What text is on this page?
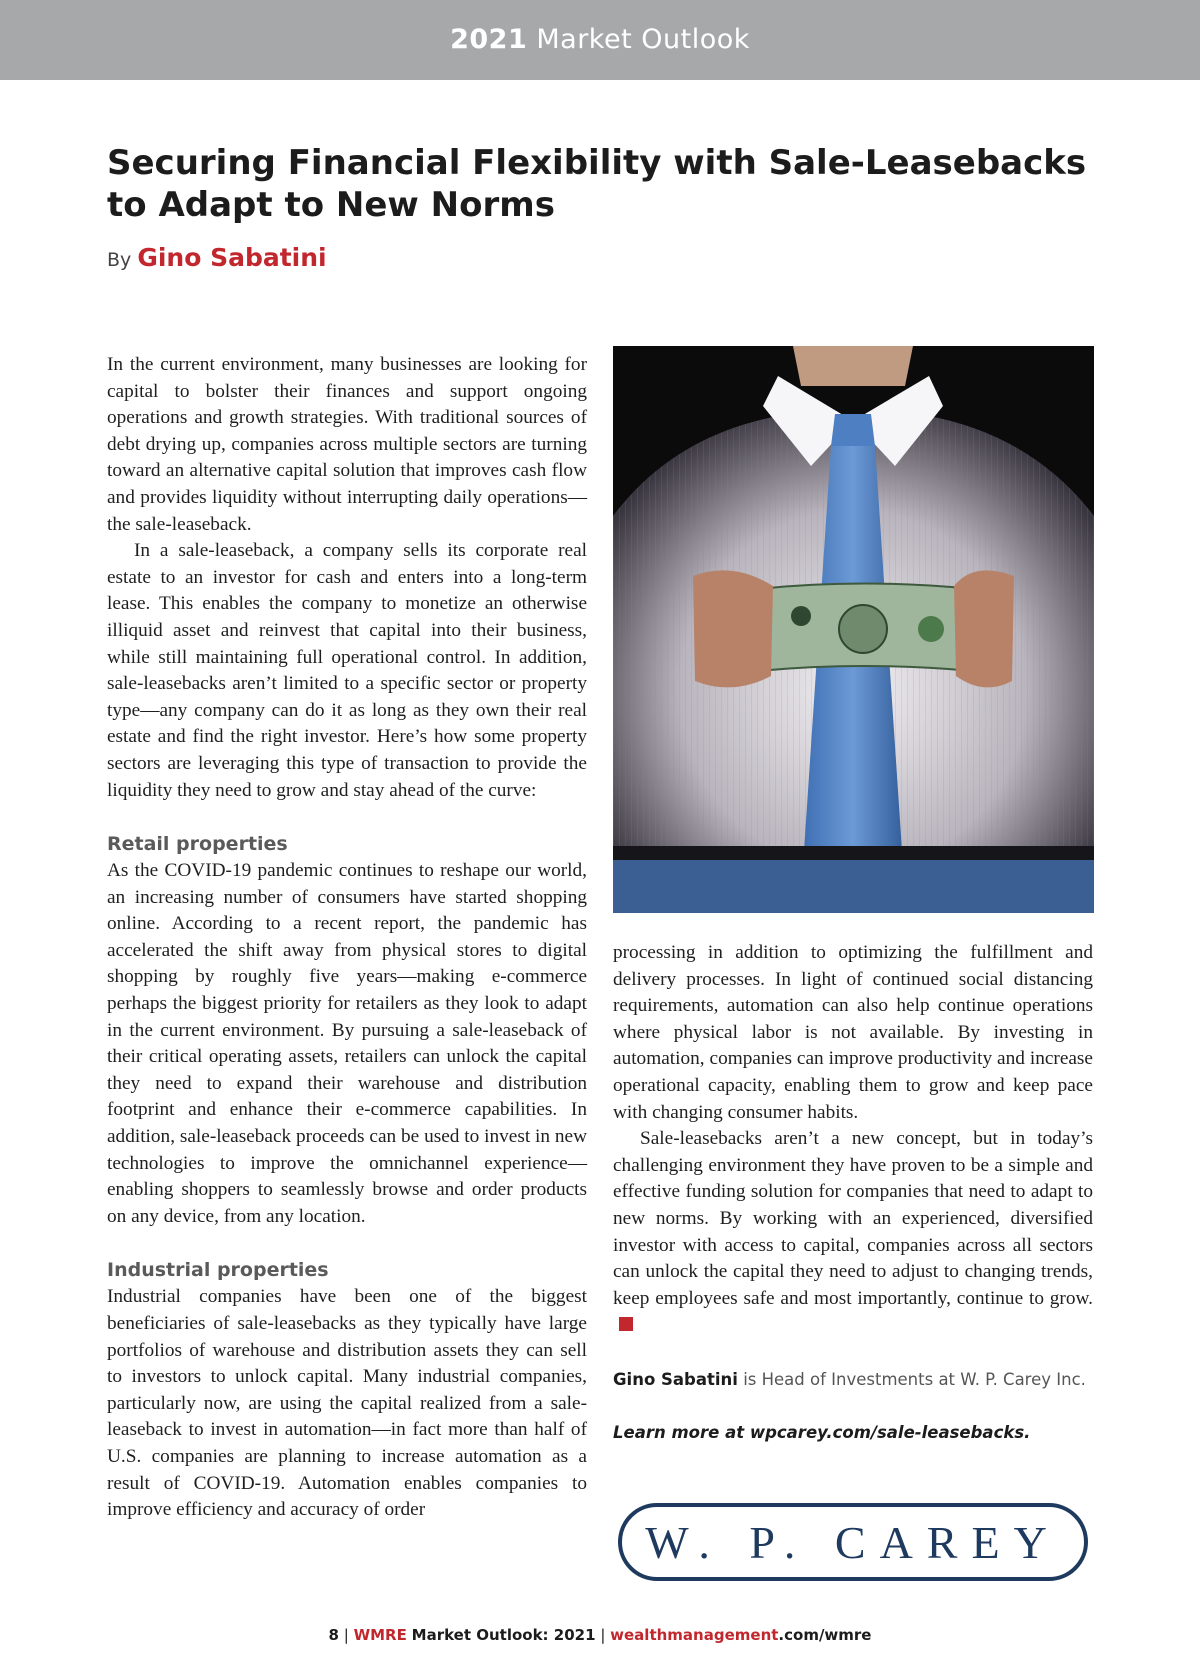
2021 Market Outlook
Securing Financial Flexibility with Sale-Leasebacks to Adapt to New Norms
By Gino Sabatini

In the current environment, many businesses are looking for capital to bolster their finances and support ongoing operations and growth strategies. With traditional sources of debt drying up, companies across multiple sectors are turning toward an alternative capital solution that improves cash flow and provides liquidity without interrupting daily operations—the sale-leaseback.

In a sale-leaseback, a company sells its corporate real estate to an investor for cash and enters into a long-term lease. This enables the company to monetize an otherwise illiquid asset and reinvest that capital into their business, while still maintaining full operational control. In addition, sale-leasebacks aren’t limited to a specific sector or property type—any company can do it as long as they own their real estate and find the right investor. Here’s how some property sectors are leveraging this type of transaction to provide the liquidity they need to grow and stay ahead of the curve:

Retail properties

As the COVID-19 pandemic continues to reshape our world, an increasing number of consumers have started shopping online. According to a recent report, the pandemic has accelerated the shift away from physical stores to digital shopping by roughly five years—making e-commerce perhaps the biggest priority for retailers as they look to adapt in the current environment. By pursuing a sale-leaseback of their critical operating assets, retailers can unlock the capital they need to expand their warehouse and distribution footprint and enhance their e-commerce capabilities. In addition, sale-leaseback proceeds can be used to invest in new technologies to improve the omnichannel experience—enabling shoppers to seamlessly browse and order products on any device, from any location.

Industrial properties

Industrial companies have been one of the biggest beneficiaries of sale-leasebacks as they typically have large portfolios of warehouse and distribution assets they can sell to investors to unlock capital. Many industrial companies, particularly now, are using the capital realized from a sale-leaseback to invest in automation—in fact more than half of U.S. companies are planning to increase automation as a result of COVID-19. Automation enables companies to improve efficiency and accuracy of order

processing in addition to optimizing the fulfillment and delivery processes. In light of continued social distancing requirements, automation can also help continue operations where physical labor is not available. By investing in automation, companies can improve productivity and increase operational capacity, enabling them to grow and keep pace with changing consumer habits.

Sale-leasebacks aren’t a new concept, but in today’s challenging environment they have proven to be a simple and effective funding solution for companies that need to adapt to new norms. By working with an experienced, diversified investor with access to capital, companies across all sectors can unlock the capital they need to adjust to changing trends, keep employees safe and most importantly, continue to grow.

Gino Sabatini is Head of Investments at W. P. Carey Inc.
Learn more at wpcarey.com/sale-leasebacks.
W. P. CAREY
8 | WMRE Market Outlook: 2021 | wealthmanagement.com/wmre
